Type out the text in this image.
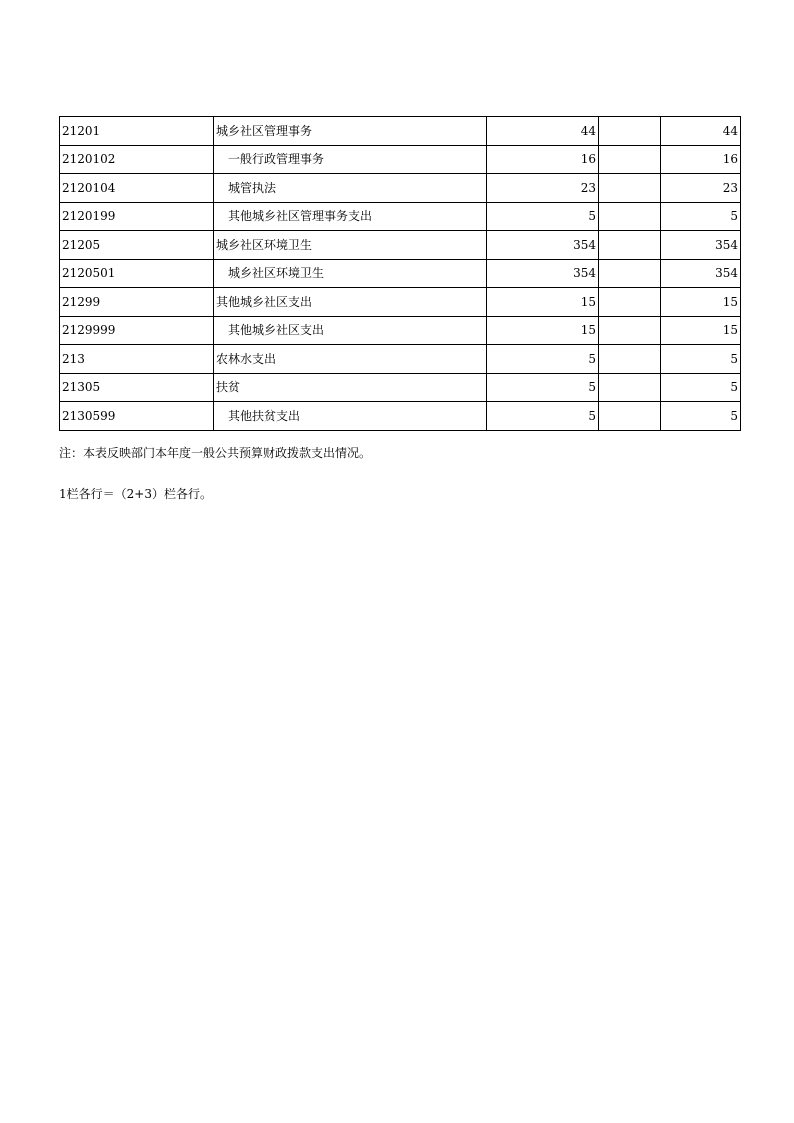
21201	城乡社区管理事务	44		44
2120102	一般行政管理事务	16		16
2120104	城管执法	23		23
2120199	其他城乡社区管理事务支出	5		5
21205	城乡社区环境卫生	354		354
2120501	城乡社区环境卫生	354		354
21299	其他城乡社区支出	15		15
2129999	其他城乡社区支出	15		15
213	农林水支出	5		5
21305	扶贫	5		5
2130599	其他扶贫支出	5		5
注：本表反映部门本年度一般公共预算财政拨款支出情况。
1栏各行＝（2+3）栏各行。
